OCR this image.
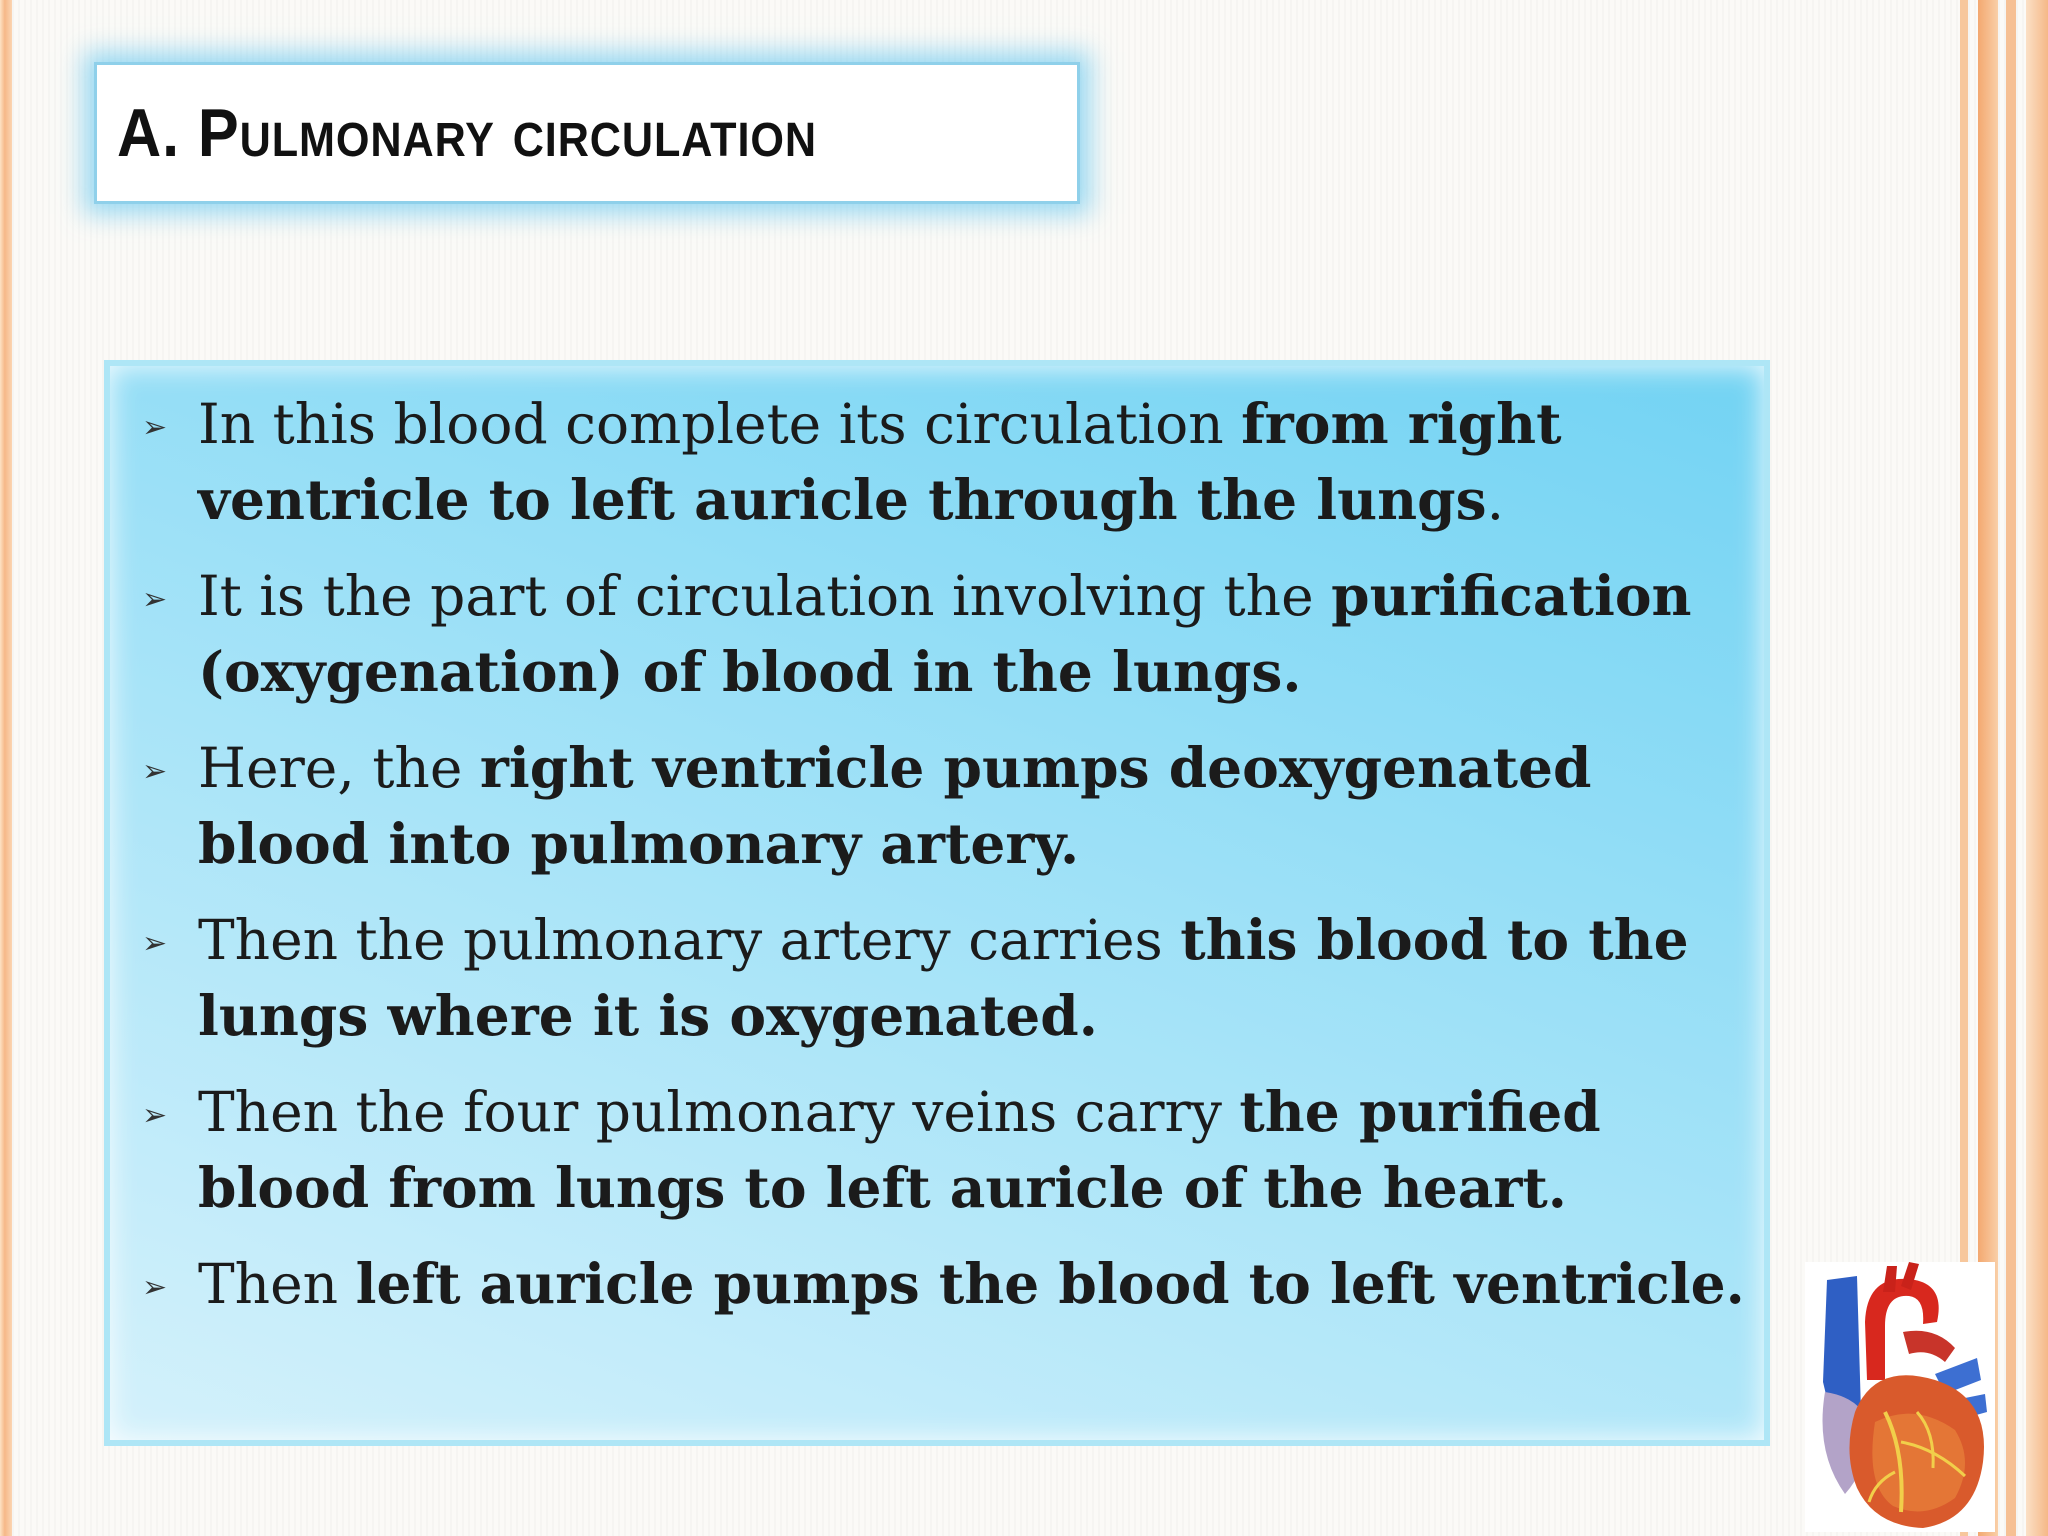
A. Pulmonary circulation
➢ In this blood complete its circulation from right ventricle to left auricle through the lungs.
➢ It is the part of circulation involving the purification (oxygenation) of blood in the lungs.
➢ Here, the right ventricle pumps deoxygenated blood into pulmonary artery.
➢ Then the pulmonary artery carries this blood to the lungs where it is oxygenated.
➢ Then the four pulmonary veins carry the purified blood from lungs to left auricle of the heart.
➢ Then left auricle pumps the blood to left ventricle.
